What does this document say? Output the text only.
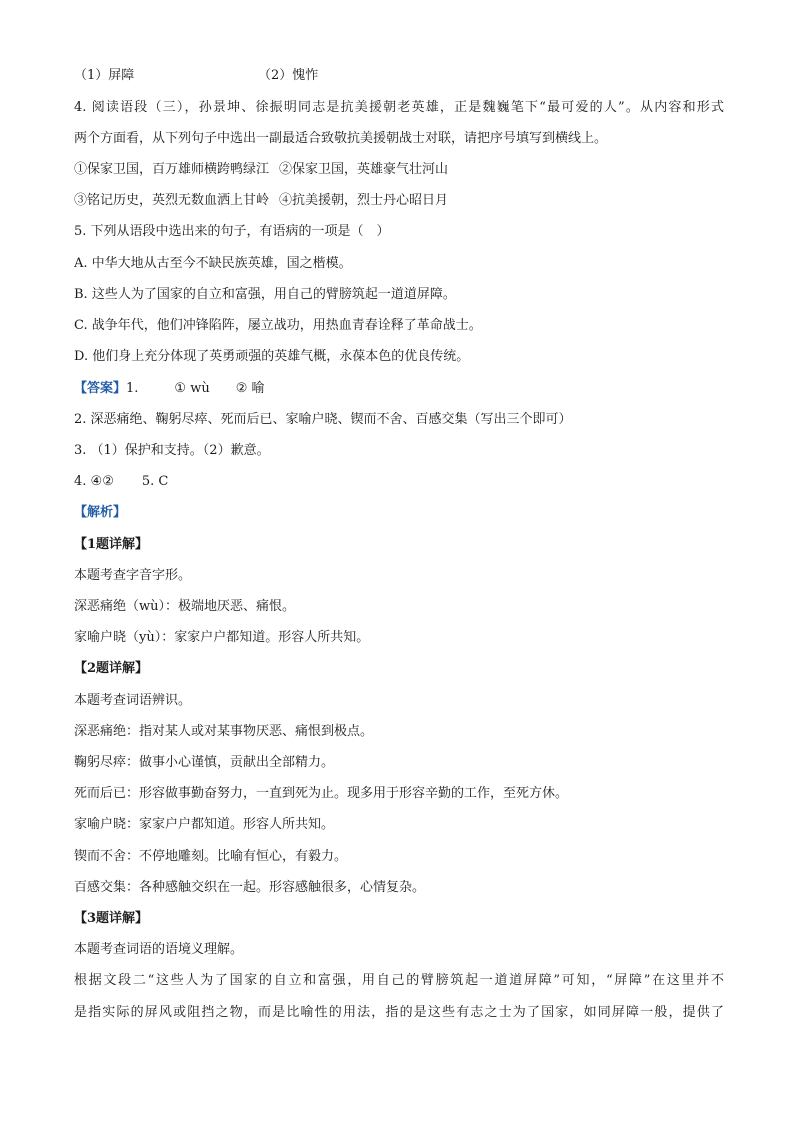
（1）屏障	（2）愧怍
4. 阅读语段（三），孙景坤、徐振明同志是抗美援朝老英雄，正是魏巍笔下“最可爱的人”。从内容和形式
两个方面看，从下列句子中选出一副最适合致敬抗美援朝战士对联，请把序号填写到横线上。
①保家卫国，百万雄师横跨鸭绿江 ②保家卫国，英雄豪气壮河山
③铭记历史，英烈无数血洒上甘岭 ④抗美援朝，烈士丹心昭日月
5. 下列从语段中选出来的句子，有语病的一项是（　）
A. 中华大地从古至今不缺民族英雄，国之楷模。
B. 这些人为了国家的自立和富强，用自己的臂膀筑起一道道屏障。
C. 战争年代，他们冲锋陷阵，屡立战功，用热血青春诠释了革命战士。
D. 他们身上充分体现了英勇顽强的英雄气概，永葆本色的优良传统。
【答案】1.	① wù ② 喻
2. 深恶痛绝、鞠躬尽瘁、死而后已、家喻户晓、锲而不舍、百感交集（写出三个即可）
3. （1）保护和支持。（2）歉意。
4. ④② 5. C
【解析】
【1题详解】
本题考查字音字形。
深恶痛绝（wù）：极端地厌恶、痛恨。
家喻户晓（yù）：家家户户都知道。形容人所共知。
【2题详解】
本题考查词语辨识。
深恶痛绝：指对某人或对某事物厌恶、痛恨到极点。
鞠躬尽瘁：做事小心谨慎，贡献出全部精力。
死而后已：形容做事勤奋努力，一直到死为止。现多用于形容辛勤的工作，至死方休。
家喻户晓：家家户户都知道。形容人所共知。
锲而不舍：不停地雕刻。比喻有恒心，有毅力。
百感交集：各种感触交织在一起。形容感触很多，心情复杂。
【3题详解】
本题考查词语的语境义理解。
根据文段二“这些人为了国家的自立和富强，用自己的臂膀筑起一道道屏障”可知，“屏障”在这里并不
是指实际的屏风或阻挡之物，而是比喻性的用法，指的是这些有志之士为了国家，如同屏障一般，提供了
